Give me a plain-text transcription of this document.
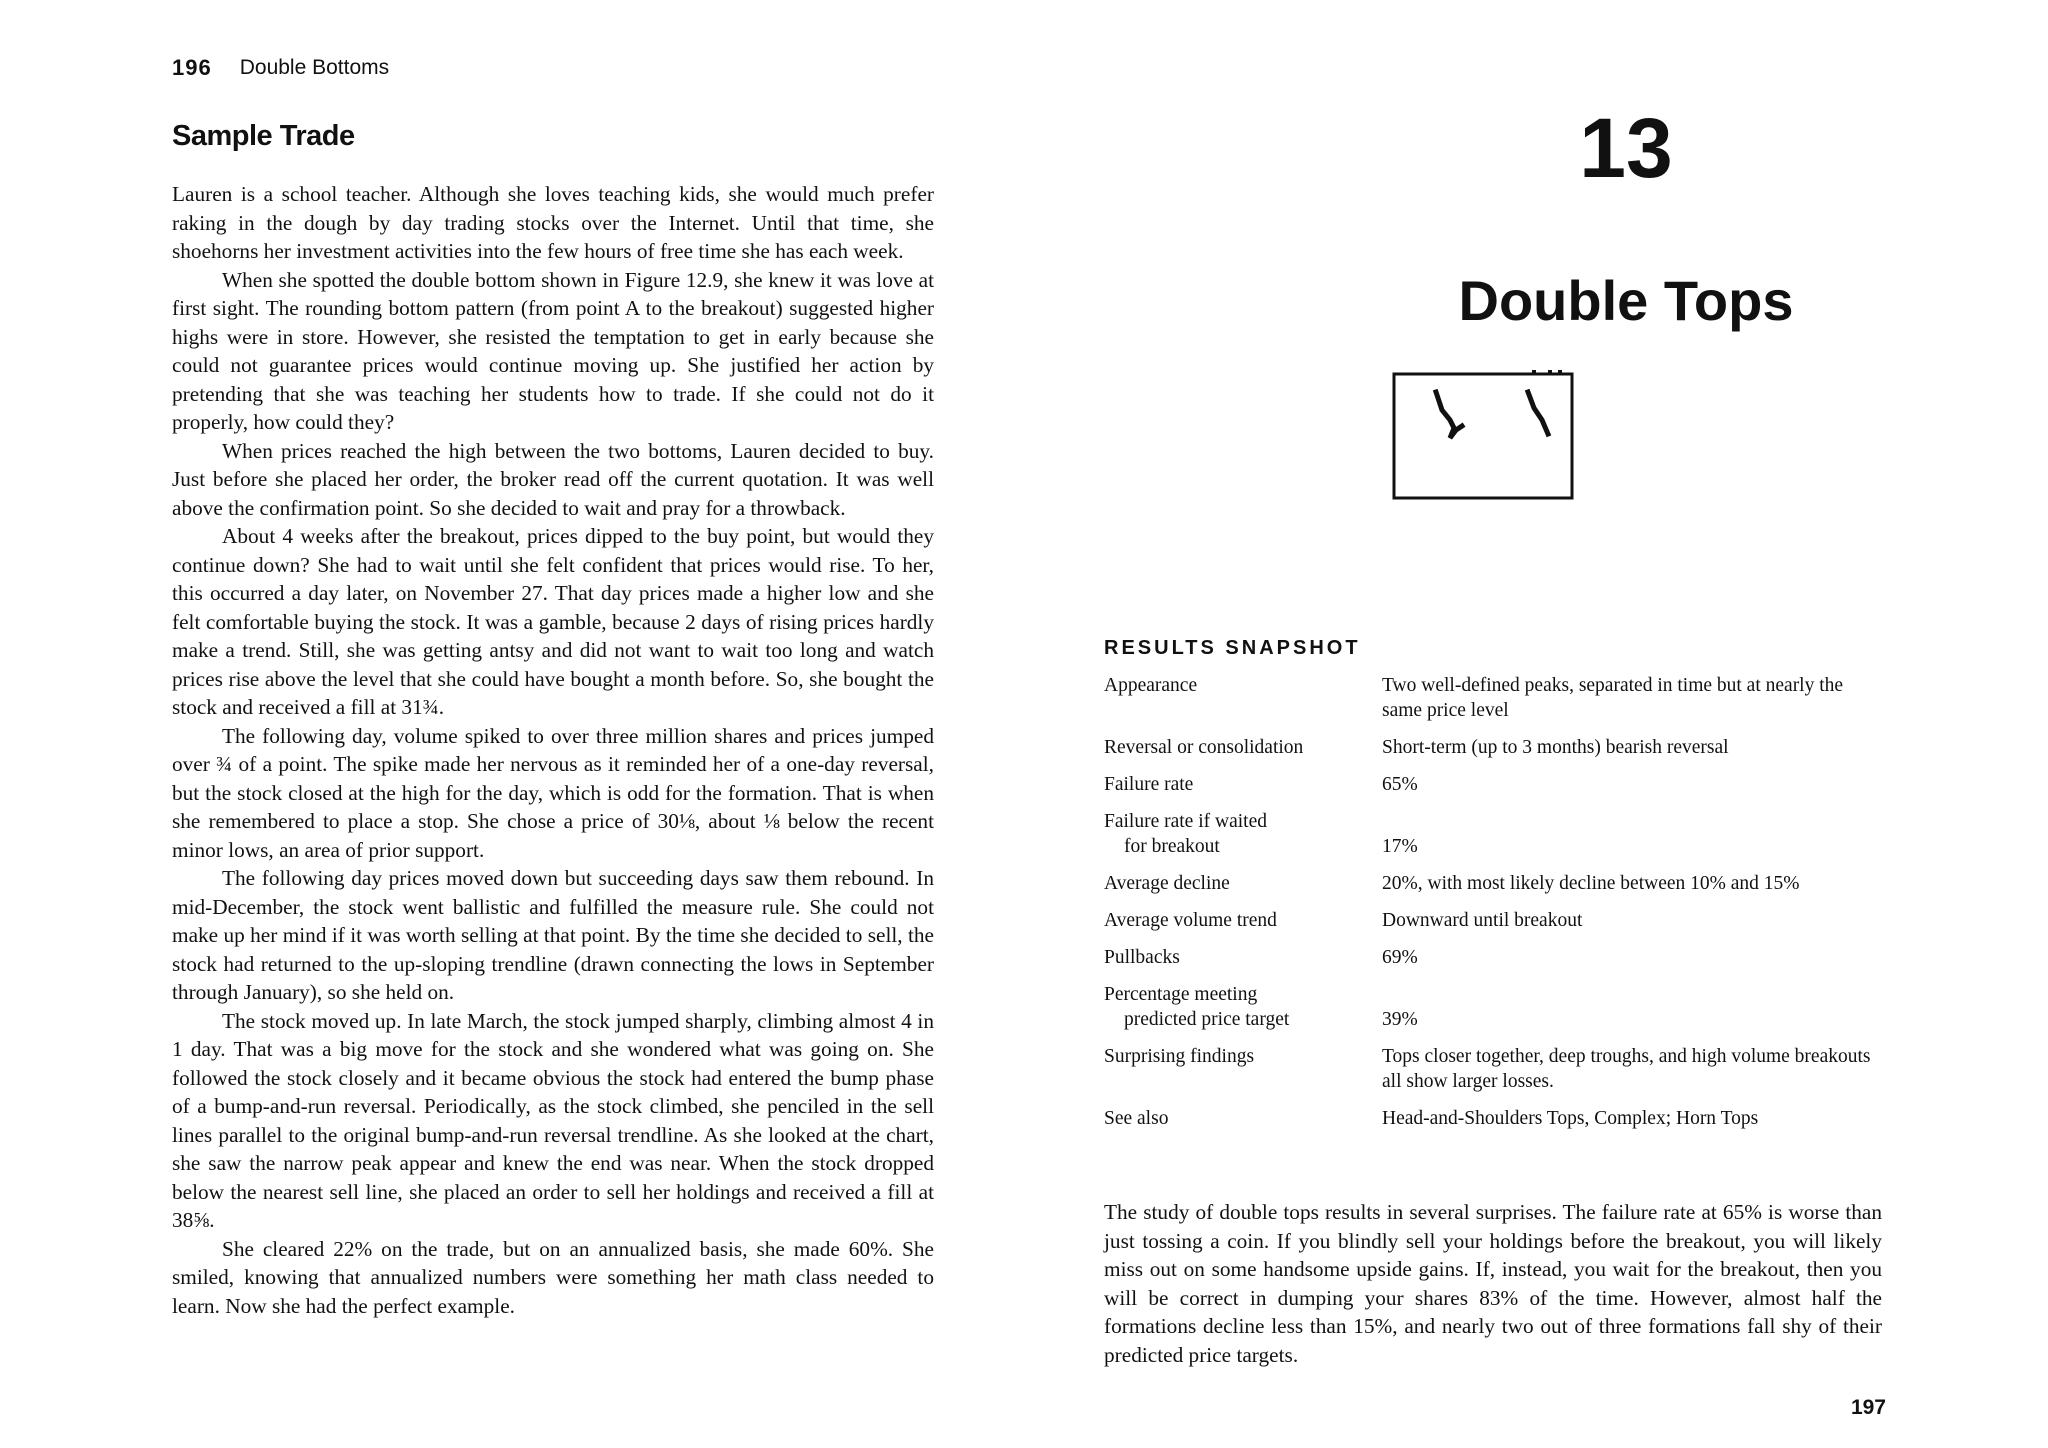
196 Double Bottoms
Sample Trade

Lauren is a school teacher. Although she loves teaching kids, she would much prefer raking in the dough by day trading stocks over the Internet. Until that time, she shoehorns her investment activities into the few hours of free time she has each week.

When she spotted the double bottom shown in Figure 12.9, she knew it was love at first sight. The rounding bottom pattern (from point A to the breakout) suggested higher highs were in store. However, she resisted the temptation to get in early because she could not guarantee prices would continue moving up. She justified her action by pretending that she was teaching her students how to trade. If she could not do it properly, how could they?

When prices reached the high between the two bottoms, Lauren decided to buy. Just before she placed her order, the broker read off the current quotation. It was well above the confirmation point. So she decided to wait and pray for a throwback.

About 4 weeks after the breakout, prices dipped to the buy point, but would they continue down? She had to wait until she felt confident that prices would rise. To her, this occurred a day later, on November 27. That day prices made a higher low and she felt comfortable buying the stock. It was a gamble, because 2 days of rising prices hardly make a trend. Still, she was getting antsy and did not want to wait too long and watch prices rise above the level that she could have bought a month before. So, she bought the stock and received a fill at 31¾.

The following day, volume spiked to over three million shares and prices jumped over ¾ of a point. The spike made her nervous as it reminded her of a one-day reversal, but the stock closed at the high for the day, which is odd for the formation. That is when she remembered to place a stop. She chose a price of 30⅛, about ⅛ below the recent minor lows, an area of prior support.

The following day prices moved down but succeeding days saw them rebound. In mid-December, the stock went ballistic and fulfilled the measure rule. She could not make up her mind if it was worth selling at that point. By the time she decided to sell, the stock had returned to the up-sloping trendline (drawn connecting the lows in September through January), so she held on.

The stock moved up. In late March, the stock jumped sharply, climbing almost 4 in 1 day. That was a big move for the stock and she wondered what was going on. She followed the stock closely and it became obvious the stock had entered the bump phase of a bump-and-run reversal. Periodically, as the stock climbed, she penciled in the sell lines parallel to the original bump-and-run reversal trendline. As she looked at the chart, she saw the narrow peak appear and knew the end was near. When the stock dropped below the nearest sell line, she placed an order to sell her holdings and received a fill at 38⅝.

She cleared 22% on the trade, but on an annualized basis, she made 60%. She smiled, knowing that annualized numbers were something her math class needed to learn. Now she had the perfect example.

13
Double Tops
RESULTS SNAPSHOT
Appearance	Two well-defined peaks, separated in time but at nearly the same price level
Reversal or consolidation	Short-term (up to 3 months) bearish reversal
Failure rate	65%
Failure rate if waited
for breakout	17%
Average decline	20%, with most likely decline between 10% and 15%
Average volume trend	Downward until breakout
Pullbacks	69%
Percentage meeting
predicted price target	39%
Surprising findings	Tops closer together, deep troughs, and high volume breakouts all show larger losses.
See also	Head-and-Shoulders Tops, Complex; Horn Tops

The study of double tops results in several surprises. The failure rate at 65% is worse than just tossing a coin. If you blindly sell your holdings before the breakout, you will likely miss out on some handsome upside gains. If, instead, you wait for the breakout, then you will be correct in dumping your shares 83% of the time. However, almost half the formations decline less than 15%, and nearly two out of three formations fall shy of their predicted price targets.

197
